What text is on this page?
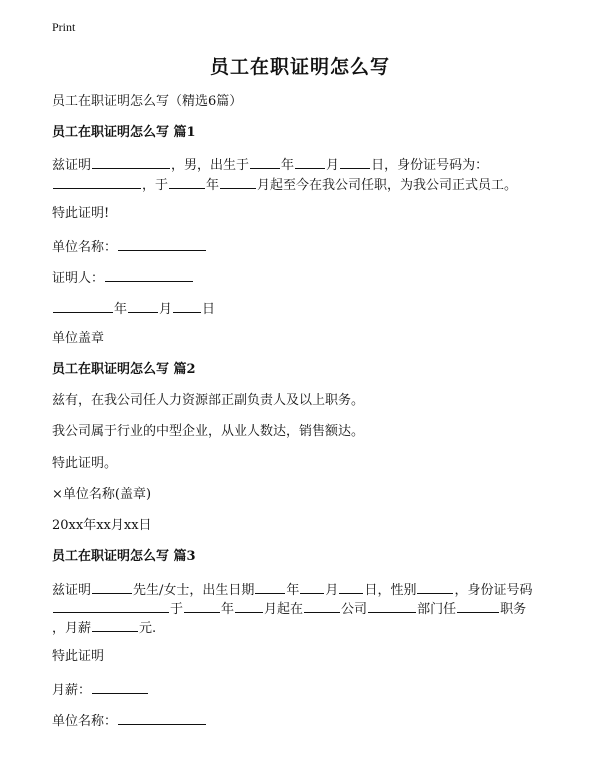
Print
员工在职证明怎么写
员工在职证明怎么写（精选6篇）
员工在职证明怎么写 篇1
兹证明	，男，出生于 年 月 日，身份证号码为：
，于	年	月起至今在我公司任职，为我公司正式员工。
特此证明!
单位名称：
证明人：
年 月 日
单位盖章
员工在职证明怎么写 篇2
兹有，在我公司任人力资源部正副负责人及以上职务。
我公司属于行业的中型企业，从业人数达，销售额达。
特此证明。
×单位名称(盖章)
20xx年xx月xx日
员工在职证明怎么写 篇3
兹证明	先生/女士，出生日期 年 月 日，性别	，身份证号码
于	年 月起在	公司	部门任	职务
，月薪	元.
特此证明
月薪：
单位名称：
